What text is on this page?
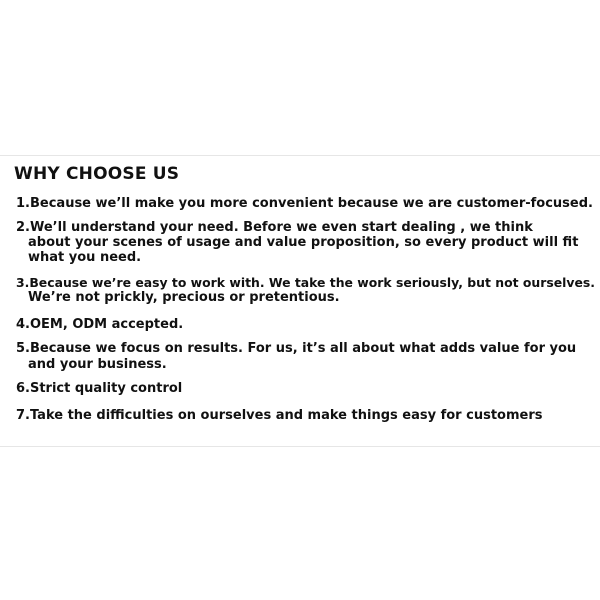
WHY CHOOSE US
1.Because we’ll make you more convenient because we are customer-focused.
2.We’ll understand your need. Before we even start dealing , we think
about your scenes of usage and value proposition, so every product will fit
what you need.
3.Because we’re easy to work with. We take the work seriously, but not ourselves.
We’re not prickly, precious or pretentious.
4.OEM, ODM accepted.
5.Because we focus on results. For us, it’s all about what adds value for you
and your business.
6.Strict quality control
7.Take the difficulties on ourselves and make things easy for customers
